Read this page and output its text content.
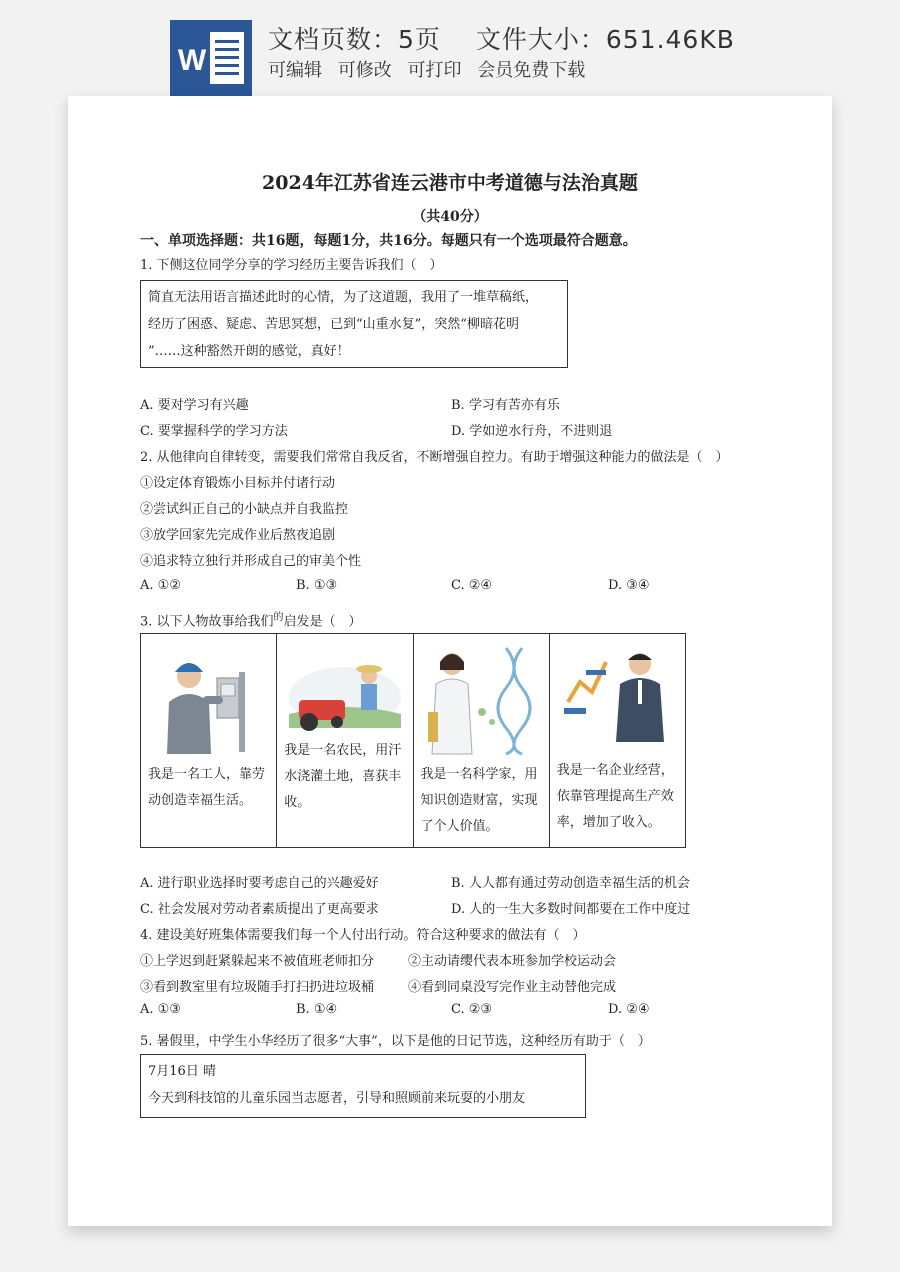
W
文档页数：5页　 文件大小：651.46KB
可编辑 可修改 可打印 会员免费下载
2024年江苏省连云港市中考道德与法治真题
（共40分）
一、单项选择题：共16题，每题1分，共16分。每题只有一个选项最符合题意。
1. 下侧这位同学分享的学习经历主要告诉我们（　）

简直无法用语言描述此时的心情，为了这道题，我用了一堆草稿纸，

经历了困惑、疑虑、苦思冥想，已到“山重水复”，突然“柳暗花明

”……这种豁然开朗的感觉，真好！

A. 要对学习有兴趣	B. 学习有苦亦有乐
C. 要掌握科学的学习方法	D. 学如逆水行舟，不进则退
2. 从他律向自律转变，需要我们常常自我反省，不断增强自控力。有助于增强这种能力的做法是（　）
①设定体育锻炼小目标并付诸行动
②尝试纠正自己的小缺点并自我监控
③放学回家先完成作业后熬夜追剧
④追求特立独行并形成自己的审美个性
A. ①②	B. ①③	C. ②④	D. ③④
3. 以下人物故事给我们$^的$启发是（　）
我是一名工人，靠劳动创造幸福生活。
我是一名农民，用汗水浇灌土地，喜获丰收。
我是一名科学家，用知识创造财富，实现了个人价值。
我是一名企业经营，依靠管理提高生产效率，增加了收入。
A. 进行职业选择时要考虑自己的兴趣爱好	B. 人人都有通过劳动创造幸福生活的机会
C. 社会发展对劳动者素质提出了更高要求	D. 人的一生大多数时间都要在工作中度过
4. 建设美好班集体需要我们每一个人付出行动。符合这种要求的做法有（　）
①上学迟到赶紧躲起来不被值班老师扣分	②主动请缨代表本班参加学校运动会
③看到教室里有垃圾随手打扫扔进垃圾桶	④看到同桌没写完作业主动替他完成
A. ①③	B. ①④	C. ②③	D. ②④
5. 暑假里，中学生小华经历了很多“大事”，以下是他的日记节选，这种经历有助于（　）

7月16日 晴

今天到科技馆的儿童乐园当志愿者，引导和照顾前来玩耍的小朋友
